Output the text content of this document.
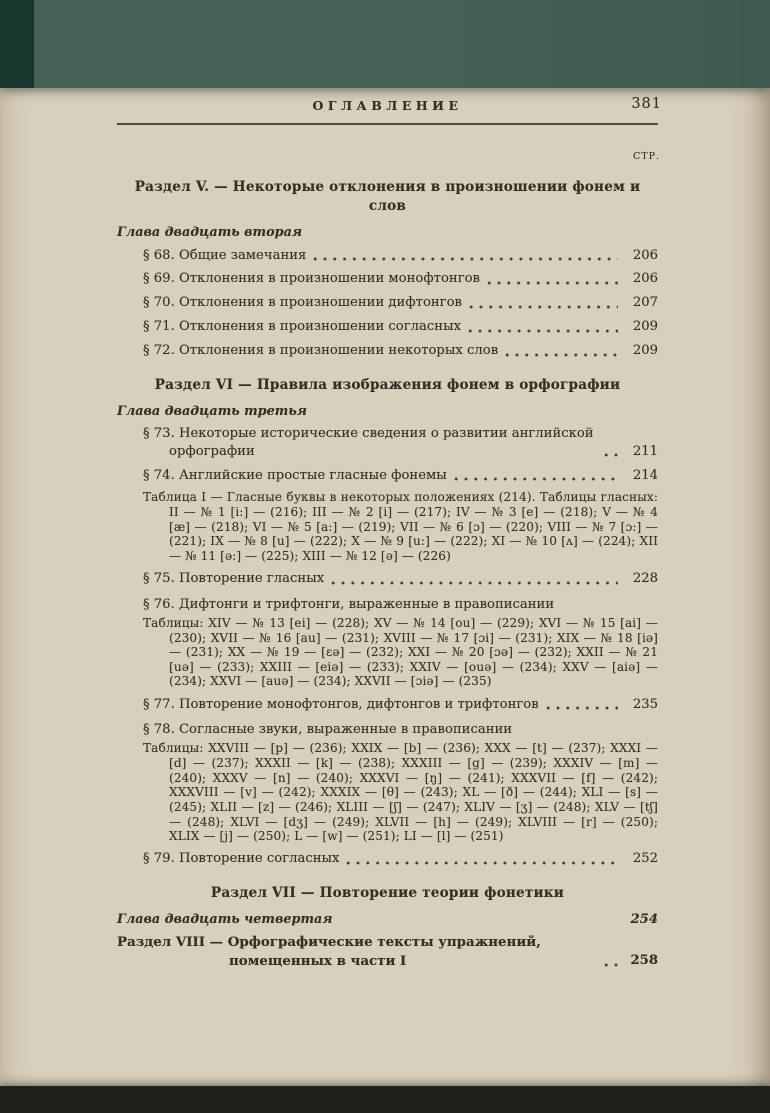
ОГЛАВЛЕНИЕ	381
СТР.
Раздел V. — Некоторые отклонения в произношении фонем и слов
Глава двадцать вторая
§ 68. Общие замечания	206
§ 69. Отклонения в произношении монофтонгов	206
§ 70. Отклонения в произношении дифтонгов	207
§ 71. Отклонения в произношении согласных	209
§ 72. Отклонения в произношении некоторых слов	209
Раздел VI — Правила изображения фонем в орфографии
Глава двадцать третья
§ 73. Некоторые исторические сведения о развитии английской орфографии	211
§ 74. Английские простые гласные фонемы	214
Таблица I — Гласные буквы в некоторых положениях (214). Таблицы гласных: II — № 1 [i:] — (216); III — № 2 [i] — (217); IV — № 3 [e] — (218); V — № 4 [æ] — (218); VI — № 5 [a:] — (219); VII — № 6 [ɔ] — (220); VIII — № 7 [ɔ:] — (221); IX — № 8 [u] — (222); X — № 9 [u:] — (222); XI — № 10 [ʌ] — (224); XII — № 11 [ə:] — (225); XIII — № 12 [ə] — (226)
§ 75. Повторение гласных	228
§ 76. Дифтонги и трифтонги, выраженные в правописании
Таблицы: XIV — № 13 [ei] — (228); XV — № 14 [ou] — (229); XVI — № 15 [ai] — (230); XVII — № 16 [au] — (231); XVIII — № 17 [ɔi] — (231); XIX — № 18 [iə] — (231); XX — № 19 — [ɛə] — (232); XXI — № 20 [ɔə] — (232); XXII — № 21 [uə] — (233); XXIII — [eiə] — (233); XXIV — [ouə] — (234); XXV — [aiə] — (234); XXVI — [auə] — (234); XXVII — [ɔiə] — (235)
§ 77. Повторение монофтонгов, дифтонгов и трифтонгов	235
§ 78. Согласные звуки, выраженные в правописании
Таблицы: XXVIII — [p] — (236); XXIX — [b] — (236); XXX — [t] — (237); XXXI — [d] — (237); XXXII — [k] — (238); XXXIII — [g] — (239); XXXIV — [m] — (240); XXXV — [n] — (240); XXXVI — [ŋ] — (241); XXXVII — [f] — (242); XXXVIII — [v] — (242); XXXIX — [θ] — (243); XL — [ð] — (244); XLI — [s] — (245); XLII — [z] — (246); XLIII — [ʃ] — (247); XLIV — [ʒ] — (248); XLV — [tʃ] — (248); XLVI — [dʒ] — (249); XLVII — [h] — (249); XLVIII — [r] — (250); XLIX — [j] — (250); L — [w] — (251); LI — [l] — (251)
§ 79. Повторение согласных	252
Раздел VII — Повторение теории фонетики
Глава двадцать четвертая	254
Раздел VIII — Орфографические тексты упражнений, помещенных в части I	258
